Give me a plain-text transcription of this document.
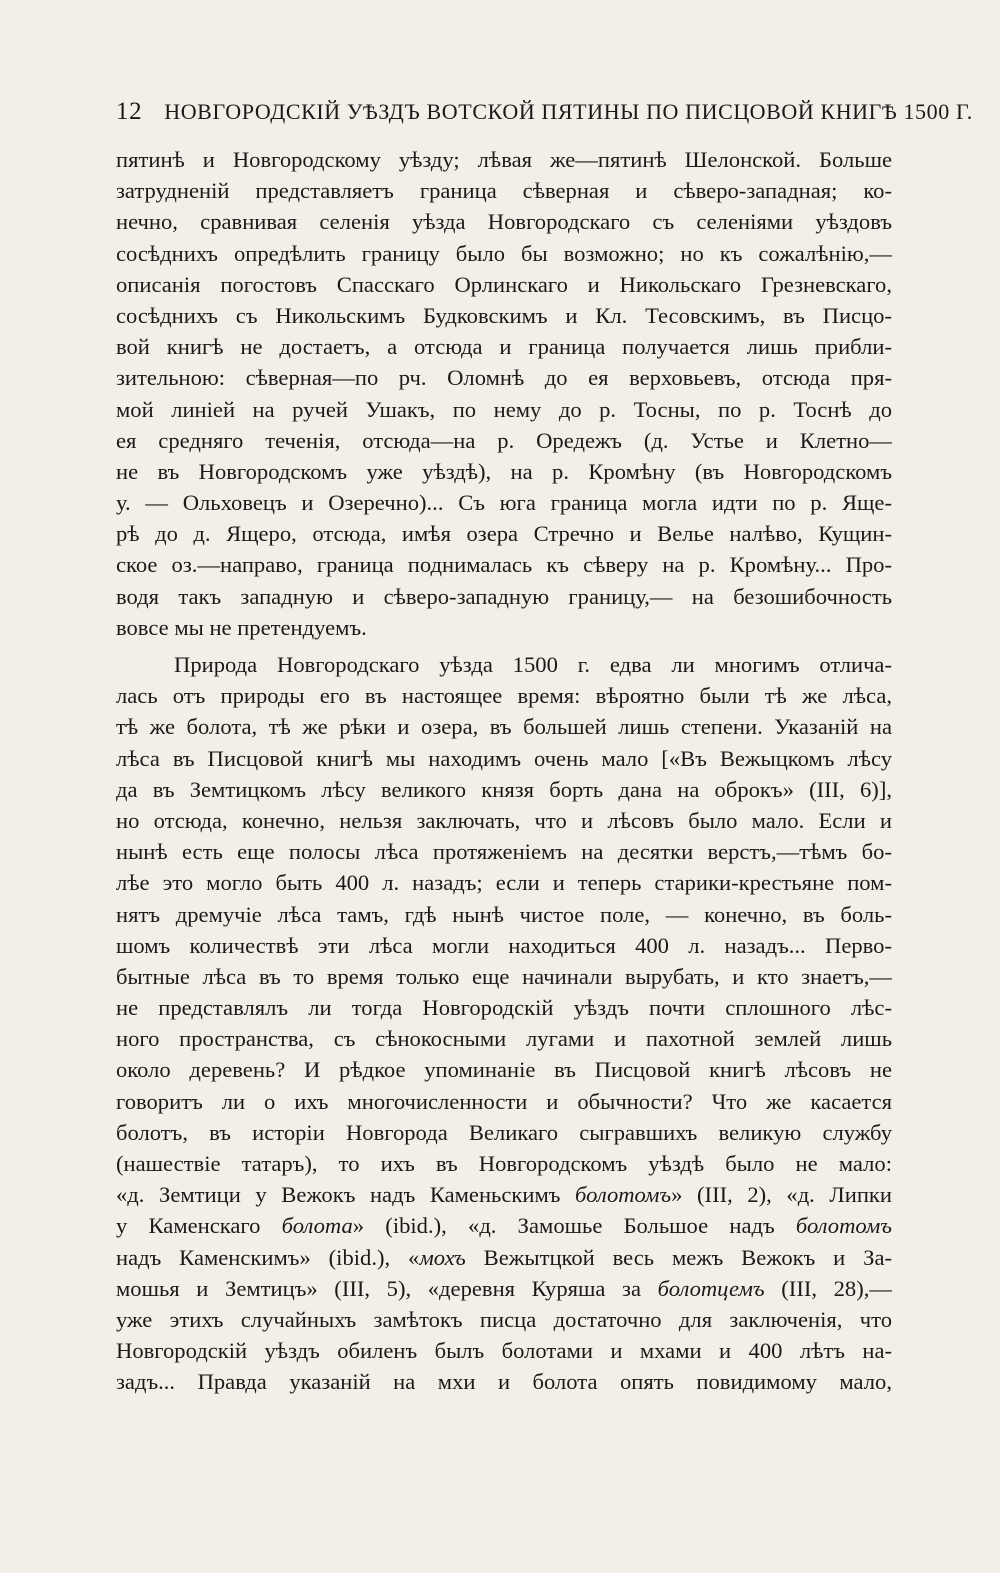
12 НОВГОРОДСКІЙ УѢЗДЪ ВОТСКОЙ ПЯТИНЫ ПО ПИСЦОВОЙ КНИГѢ 1500 Г.
пятинѣ и Новгородскому уѣзду; лѣвая же—пятинѣ Шелонской. Больше
затрудненій представляетъ граница сѣверная и сѣверо-западная; ко-
нечно, сравнивая селенія уѣзда Новгородскаго съ селеніями уѣздовъ
сосѣднихъ опредѣлить границу было бы возможно; но къ сожалѣнію,—
описанія погостовъ Спасскаго Орлинскаго и Никольскаго Грезневскаго,
сосѣднихъ съ Никольскимъ Будковскимъ и Кл. Тесовскимъ, въ Писцо-
вой книгѣ не достаетъ, а отсюда и граница получается лишь прибли-
зительною: сѣверная—по рч. Оломнѣ до ея верховьевъ, отсюда пря-
мой линіей на ручей Ушакъ, по нему до р. Тосны, по р. Тоснѣ до
ея средняго теченія, отсюда—на р. Оредежъ (д. Устье и Клетно—
не въ Новгородскомъ уже уѣздѣ), на р. Кромѣну (въ Новгородскомъ
у. — Ольховецъ и Озеречно)... Съ юга граница могла идти по р. Яще-
рѣ до д. Ящеро, отсюда, имѣя озера Стречно и Велье налѣво, Кущин-
ское оз.—направо, граница поднималась къ сѣверу на р. Кромѣну... Про-
водя такъ западную и сѣверо-западную границу,— на безошибочность
вовсе мы не претендуемъ.
Природа Новгородскаго уѣзда 1500 г. едва ли многимъ отлича-
лась отъ природы его въ настоящее время: вѣроятно были тѣ же лѣса,
тѣ же болота, тѣ же рѣки и озера, въ большей лишь степени. Указаній на
лѣса въ Писцовой книгѣ мы находимъ очень мало [«Въ Вежыцкомъ лѣсу
да въ Земтицкомъ лѣсу великого князя борть дана на оброкъ» (III, 6)],
но отсюда, конечно, нельзя заключать, что и лѣсовъ было мало. Если и
нынѣ есть еще полосы лѣса протяженіемъ на десятки верстъ,—тѣмъ бо-
лѣе это могло быть 400 л. назадъ; если и теперь старики-крестьяне пом-
нятъ дремучіе лѣса тамъ, гдѣ нынѣ чистое поле, — конечно, въ боль-
шомъ количествѣ эти лѣса могли находиться 400 л. назадъ... Перво-
бытные лѣса въ то время только еще начинали вырубать, и кто знаетъ,—
не представлялъ ли тогда Новгородскій уѣздъ почти сплошного лѣс-
ного пространства, съ сѣнокосными лугами и пахотной землей лишь
около деревень? И рѣдкое упоминаніе въ Писцовой книгѣ лѣсовъ не
говоритъ ли о ихъ многочисленности и обычности? Что же касается
болотъ, въ исторіи Новгорода Великаго сыгравшихъ великую службу
(нашествіе татаръ), то ихъ въ Новгородскомъ уѣздѣ было не мало:
«д. Земтици у Вежокъ надъ Каменьскимъ болотомъ» (III, 2), «д. Липки
у Каменскаго болота» (ibid.), «д. Замошье Большое надъ болотомъ
надъ Каменскимъ» (ibid.), «мохъ Вежытцкой весь межъ Вежокъ и За-
мошья и Земтицъ» (III, 5), «деревня Куряша за болотцемъ (III, 28),—
уже этихъ случайныхъ замѣтокъ писца достаточно для заключенія, что
Новгородскій уѣздъ обиленъ былъ болотами и мхами и 400 лѣтъ на-
задъ... Правда указаній на мхи и болота опять повидимому мало,
